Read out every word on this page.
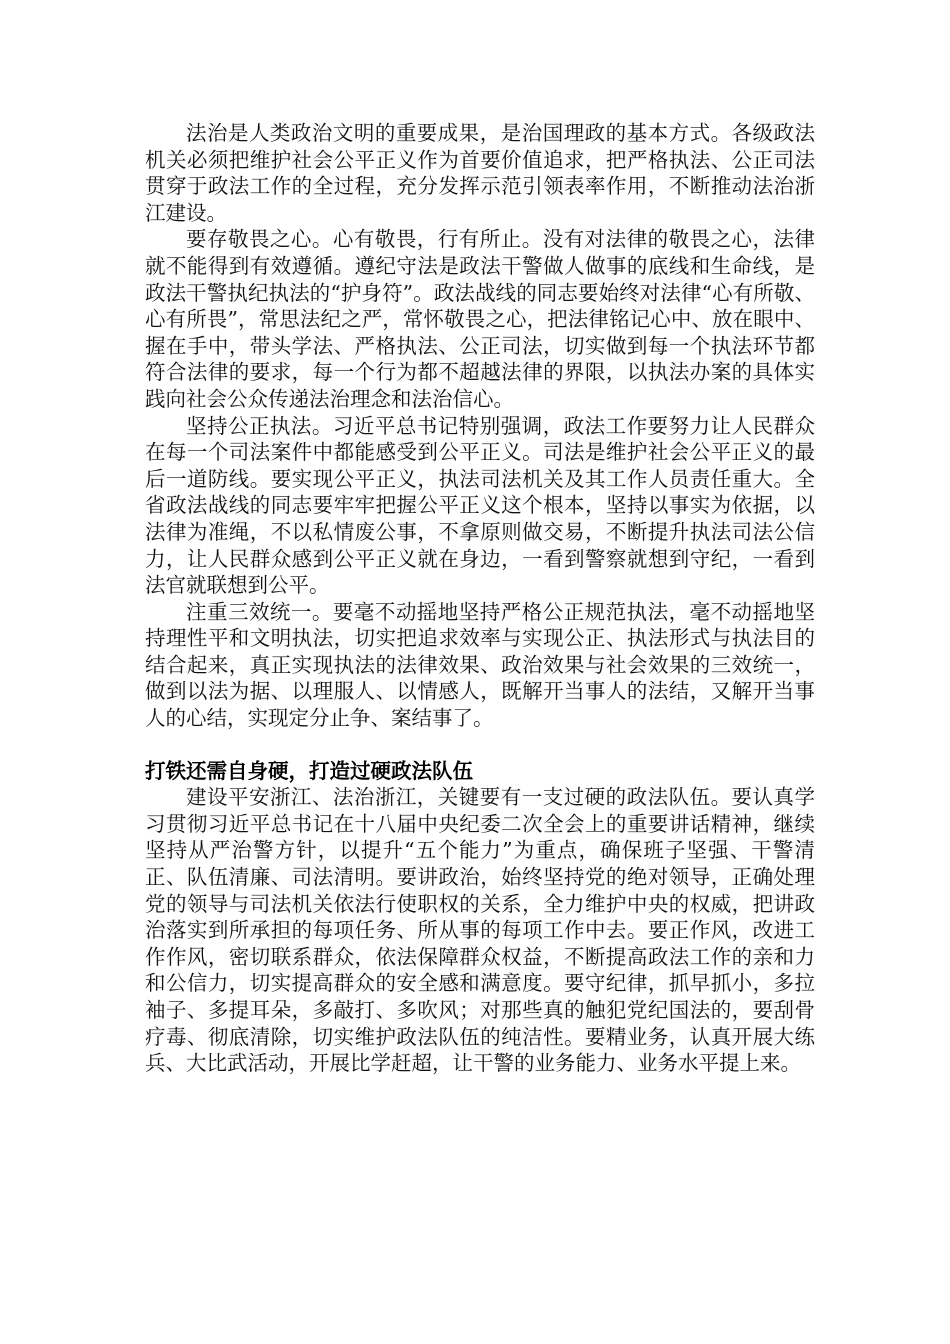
法治是人类政治文明的重要成果，是治国理政的基本方式。各级政法机关必须把维护社会公平正义作为首要价值追求，把严格执法、公正司法贯穿于政法工作的全过程，充分发挥示范引领表率作用，不断推动法治浙江建设。

要存敬畏之心。心有敬畏，行有所止。没有对法律的敬畏之心，法律就不能得到有效遵循。遵纪守法是政法干警做人做事的底线和生命线，是政法干警执纪执法的“护身符”。政法战线的同志要始终对法律“心有所敬、心有所畏”，常思法纪之严，常怀敬畏之心，把法律铭记心中、放在眼中、握在手中，带头学法、严格执法、公正司法，切实做到每一个执法环节都符合法律的要求，每一个行为都不超越法律的界限，以执法办案的具体实践向社会公众传递法治理念和法治信心。

坚持公正执法。习近平总书记特别强调，政法工作要努力让人民群众在每一个司法案件中都能感受到公平正义。司法是维护社会公平正义的最后一道防线。要实现公平正义，执法司法机关及其工作人员责任重大。全省政法战线的同志要牢牢把握公平正义这个根本，坚持以事实为依据，以法律为准绳，不以私情废公事，不拿原则做交易，不断提升执法司法公信力，让人民群众感到公平正义就在身边，一看到警察就想到守纪，一看到法官就联想到公平。

注重三效统一。要毫不动摇地坚持严格公正规范执法，毫不动摇地坚持理性平和文明执法，切实把追求效率与实现公正、执法形式与执法目的结合起来，真正实现执法的法律效果、政治效果与社会效果的三效统一，做到以法为据、以理服人、以情感人，既解开当事人的法结，又解开当事人的心结，实现定分止争、案结事了。

打铁还需自身硬，打造过硬政法队伍

建设平安浙江、法治浙江，关键要有一支过硬的政法队伍。要认真学习贯彻习近平总书记在十八届中央纪委二次全会上的重要讲话精神，继续坚持从严治警方针，以提升“五个能力”为重点，确保班子坚强、干警清正、队伍清廉、司法清明。要讲政治，始终坚持党的绝对领导，正确处理党的领导与司法机关依法行使职权的关系，全力维护中央的权威，把讲政治落实到所承担的每项任务、所从事的每项工作中去。要正作风，改进工作作风，密切联系群众，依法保障群众权益，不断提高政法工作的亲和力和公信力，切实提高群众的安全感和满意度。要守纪律，抓早抓小，多拉袖子、多提耳朵，多敲打、多吹风；对那些真的触犯党纪国法的，要刮骨疗毒、彻底清除，切实维护政法队伍的纯洁性。要精业务，认真开展大练兵、大比武活动，开展比学赶超，让干警的业务能力、业务水平提上来。
